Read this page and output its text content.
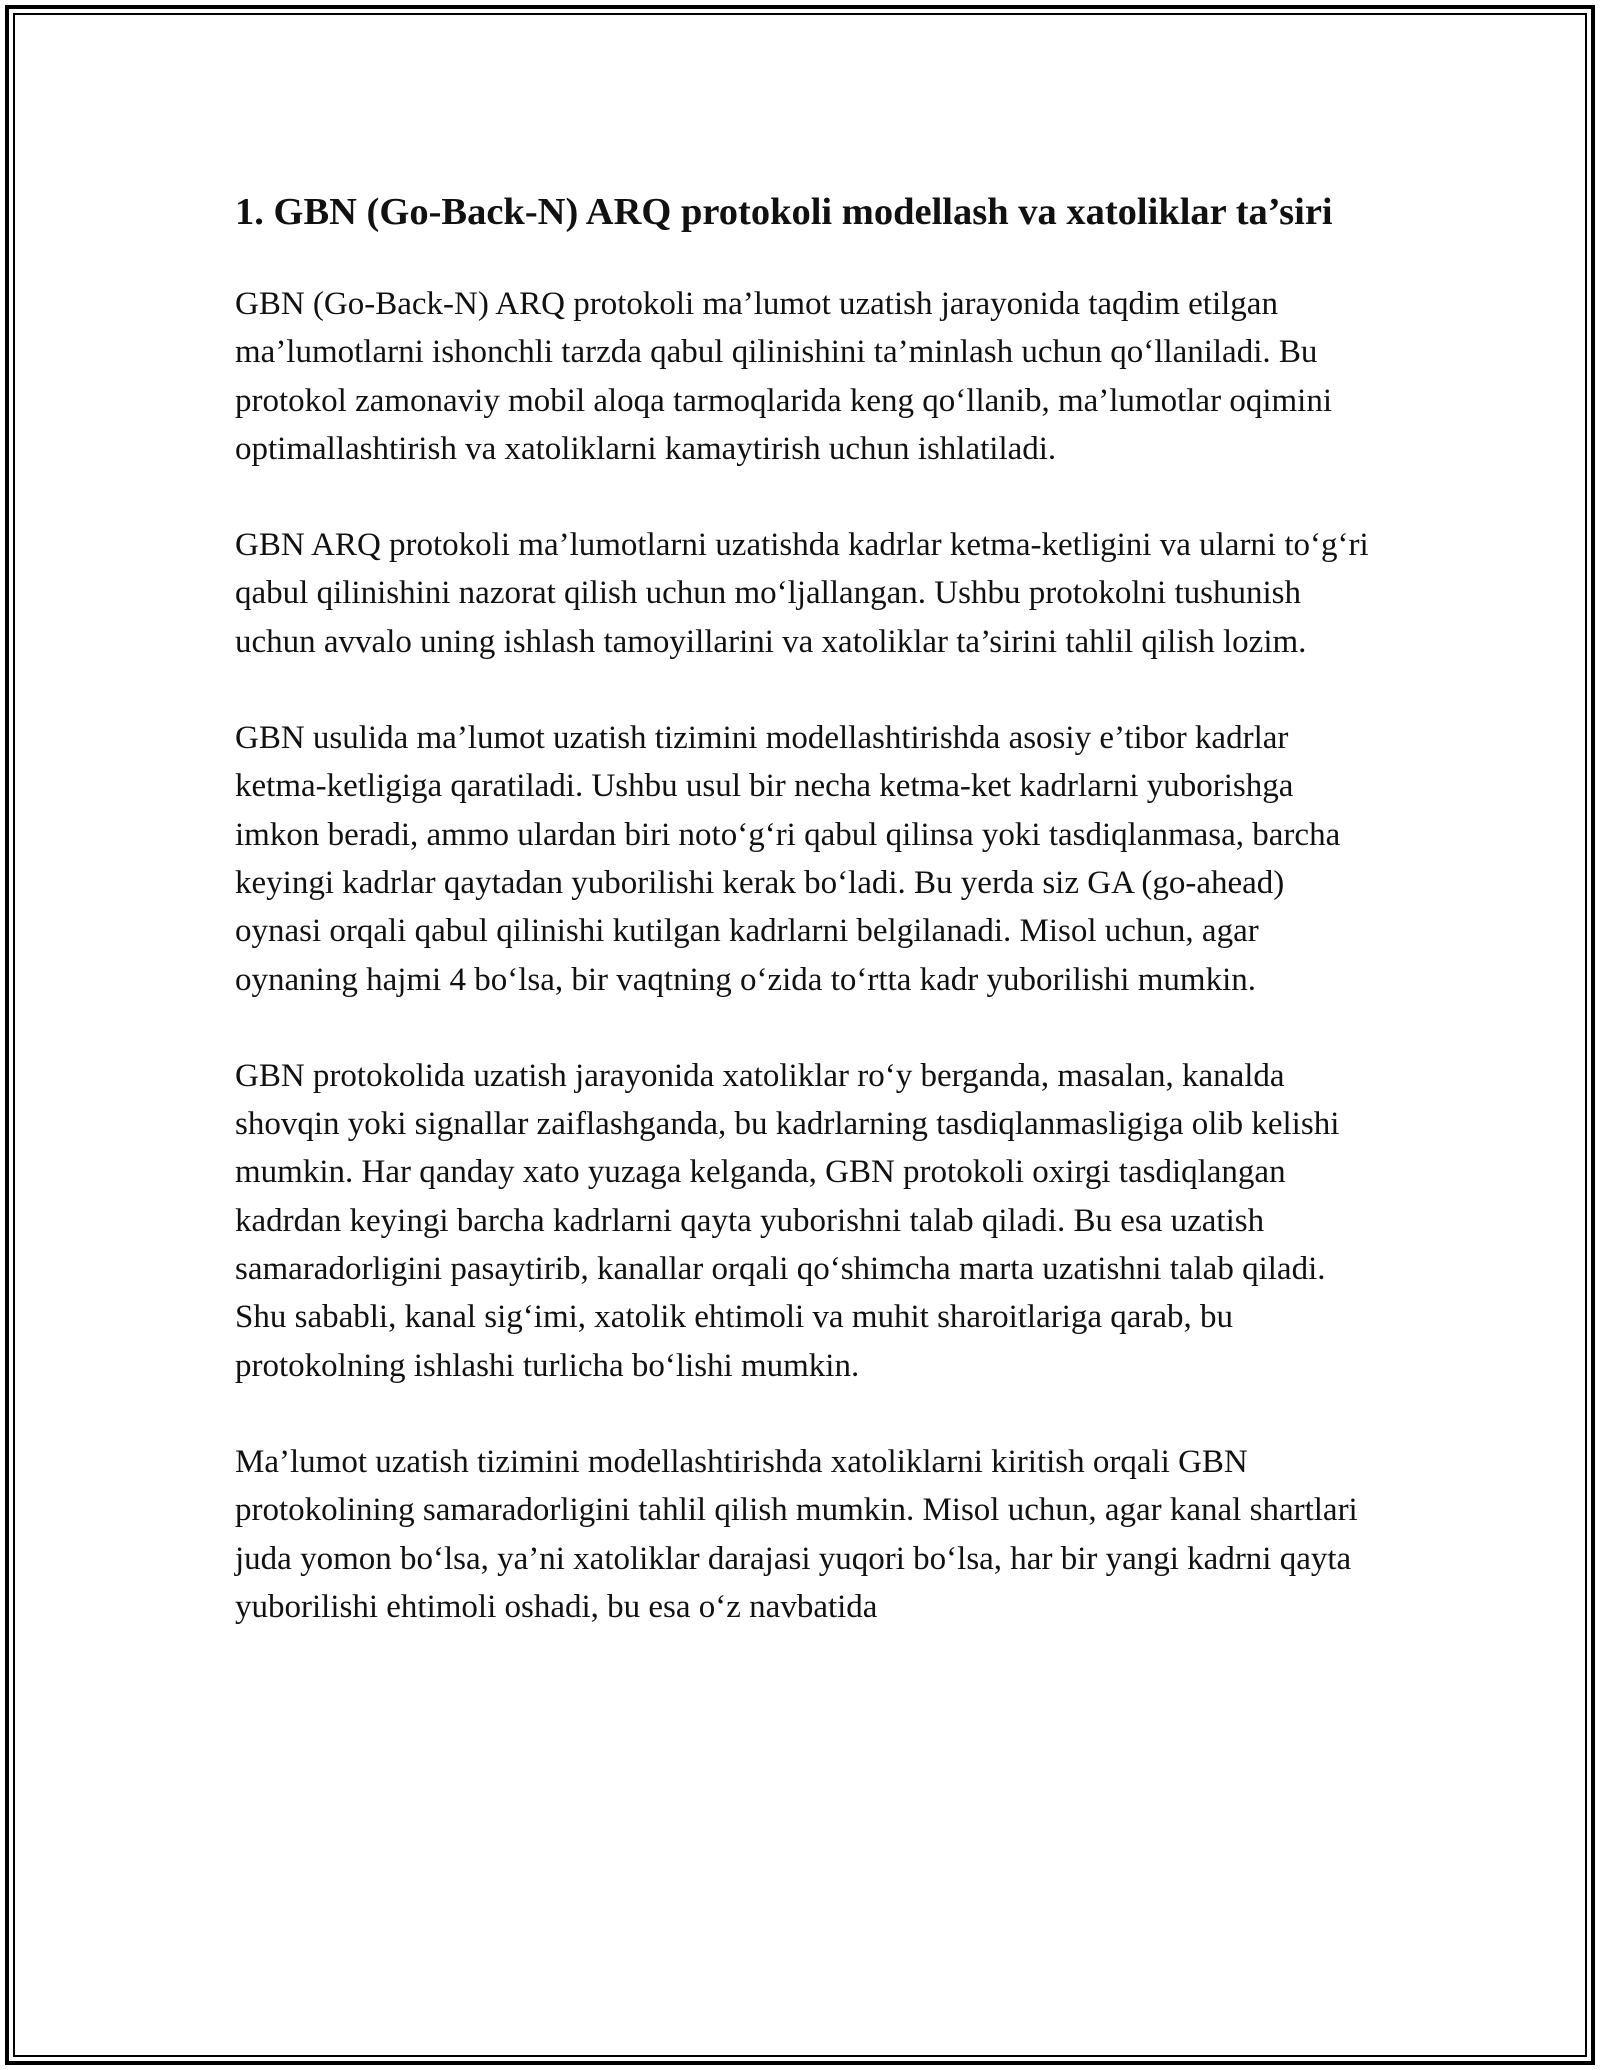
1. GBN (Go-Back-N) ARQ protokoli modellash va xatoliklar ta’siri

GBN (Go-Back-N) ARQ protokoli ma’lumot uzatish jarayonida taqdim etilgan ma’lumotlarni ishonchli tarzda qabul qilinishini ta’minlash uchun qo‘llaniladi. Bu protokol zamonaviy mobil aloqa tarmoqlarida keng qo‘llanib, ma’lumotlar oqimini optimallashtirish va xatoliklarni kamaytirish uchun ishlatiladi.

GBN ARQ protokoli ma’lumotlarni uzatishda kadrlar ketma-ketligini va ularni to‘g‘ri qabul qilinishini nazorat qilish uchun mo‘ljallangan. Ushbu protokolni tushunish uchun avvalo uning ishlash tamoyillarini va xatoliklar ta’sirini tahlil qilish lozim.

GBN usulida ma’lumot uzatish tizimini modellashtirishda asosiy e’tibor kadrlar ketma-ketligiga qaratiladi. Ushbu usul bir necha ketma-ket kadrlarni yuborishga imkon beradi, ammo ulardan biri noto‘g‘ri qabul qilinsa yoki tasdiqlanmasa, barcha keyingi kadrlar qaytadan yuborilishi kerak bo‘ladi. Bu yerda siz GA (go-ahead) oynasi orqali qabul qilinishi kutilgan kadrlarni belgilanadi. Misol uchun, agar oynaning hajmi 4 bo‘lsa, bir vaqtning o‘zida to‘rtta kadr yuborilishi mumkin.

GBN protokolida uzatish jarayonida xatoliklar ro‘y berganda, masalan, kanalda shovqin yoki signallar zaiflashganda, bu kadrlarning tasdiqlanmasligiga olib kelishi mumkin. Har qanday xato yuzaga kelganda, GBN protokoli oxirgi tasdiqlangan kadrdan keyingi barcha kadrlarni qayta yuborishni talab qiladi. Bu esa uzatish samaradorligini pasaytirib, kanallar orqali qo‘shimcha marta uzatishni talab qiladi. Shu sababli, kanal sig‘imi, xatolik ehtimoli va muhit sharoitlariga qarab, bu protokolning ishlashi turlicha bo‘lishi mumkin.

Ma’lumot uzatish tizimini modellashtirishda xatoliklarni kiritish orqali GBN protokolining samaradorligini tahlil qilish mumkin. Misol uchun, agar kanal shartlari juda yomon bo‘lsa, ya’ni xatoliklar darajasi yuqori bo‘lsa, har bir yangi kadrni qayta yuborilishi ehtimoli oshadi, bu esa o‘z navbatida
